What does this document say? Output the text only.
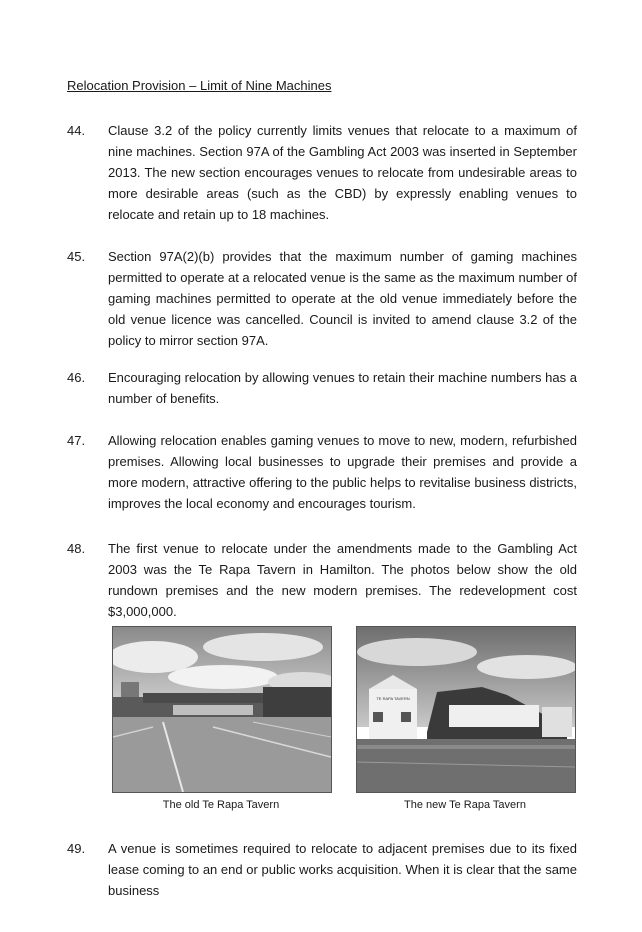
Relocation Provision – Limit of Nine Machines
44.	Clause 3.2 of the policy currently limits venues that relocate to a maximum of nine machines. Section 97A of the Gambling Act 2003 was inserted in September 2013. The new section encourages venues to relocate from undesirable areas to more desirable areas (such as the CBD) by expressly enabling venues to relocate and retain up to 18 machines.
45.	Section 97A(2)(b) provides that the maximum number of gaming machines permitted to operate at a relocated venue is the same as the maximum number of gaming machines permitted to operate at the old venue immediately before the old venue licence was cancelled. Council is invited to amend clause 3.2 of the policy to mirror section 97A.
46.	Encouraging relocation by allowing venues to retain their machine numbers has a number of benefits.
47.	Allowing relocation enables gaming venues to move to new, modern, refurbished premises. Allowing local businesses to upgrade their premises and provide a more modern, attractive offering to the public helps to revitalise business districts, improves the local economy and encourages tourism.
48.	The first venue to relocate under the amendments made to the Gambling Act 2003 was the Te Rapa Tavern in Hamilton. The photos below show the old rundown premises and the new modern premises. The redevelopment cost $3,000,000.
The old Te Rapa Tavern
TE RAPA TAVERN
The new Te Rapa Tavern
49.	A venue is sometimes required to relocate to adjacent premises due to its fixed lease coming to an end or public works acquisition. When it is clear that the same business
